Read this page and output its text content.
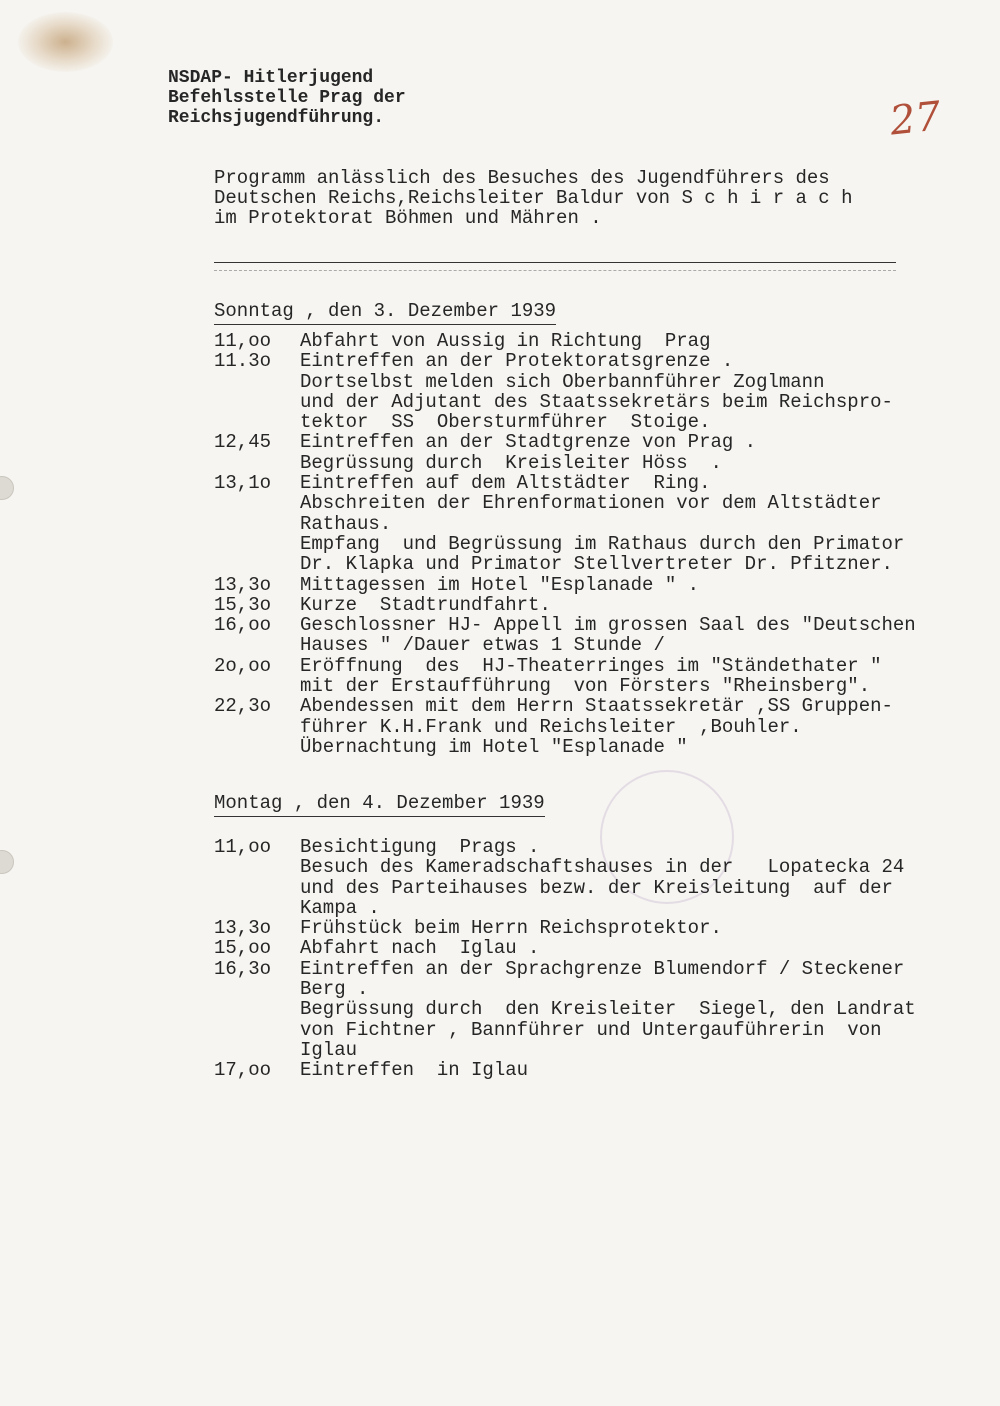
NSDAP- Hitlerjugend
Befehlsstelle Prag der
Reichsjugendführung.	27
Programm anlässlich des Besuches des Jugendführers des
Deutschen Reichs,Reichsleiter Baldur von S c h i r a c h
im Protektorat Böhmen und Mähren .
Sonntag , den 3. Dezember 1939
11,oo	Abfahrt von Aussig in Richtung  Prag
11.3o	Eintreffen an der Protektoratsgrenze .
Dortselbst melden sich Oberbannführer Zoglmann
und der Adjutant des Staatssekretärs beim Reichspro-
tektor  SS  Obersturmführer  Stoige.
12,45	Eintreffen an der Stadtgrenze von Prag .
Begrüssung durch  Kreisleiter Höss  .
13,1o	Eintreffen auf dem Altstädter  Ring.
Abschreiten der Ehrenformationen vor dem Altstädter
Rathaus.
Empfang  und Begrüssung im Rathaus durch den Primator
Dr. Klapka und Primator Stellvertreter Dr. Pfitzner.
13,3o	Mittagessen im Hotel "Esplanade " .
15,3o	Kurze  Stadtrundfahrt.
16,oo	Geschlossner HJ- Appell im grossen Saal des "Deutschen
Hauses " /Dauer etwas 1 Stunde /
2o,oo	Eröffnung  des  HJ-Theaterringes im "Ständethater "
mit der Erstaufführung  von Försters "Rheinsberg".
22,3o	Abendessen mit dem Herrn Staatssekretär ,SS Gruppen-
führer K.H.Frank und Reichsleiter  ,Bouhler.
Übernachtung im Hotel "Esplanade "
Montag , den 4. Dezember 1939
11,oo	Besichtigung  Prags .
Besuch des Kameradschaftshauses in der   Lopatecka 24
und des Parteihauses bezw. der Kreisleitung  auf der
Kampa .
13,3o	Frühstück beim Herrn Reichsprotektor.
15,oo	Abfahrt nach  Iglau .
16,3o	Eintreffen an der Sprachgrenze Blumendorf / Steckener
Berg .
Begrüssung durch  den Kreisleiter  Siegel, den Landrat
von Fichtner , Bannführer und Untergauführerin  von
Iglau
17,oo	Eintreffen  in Iglau
